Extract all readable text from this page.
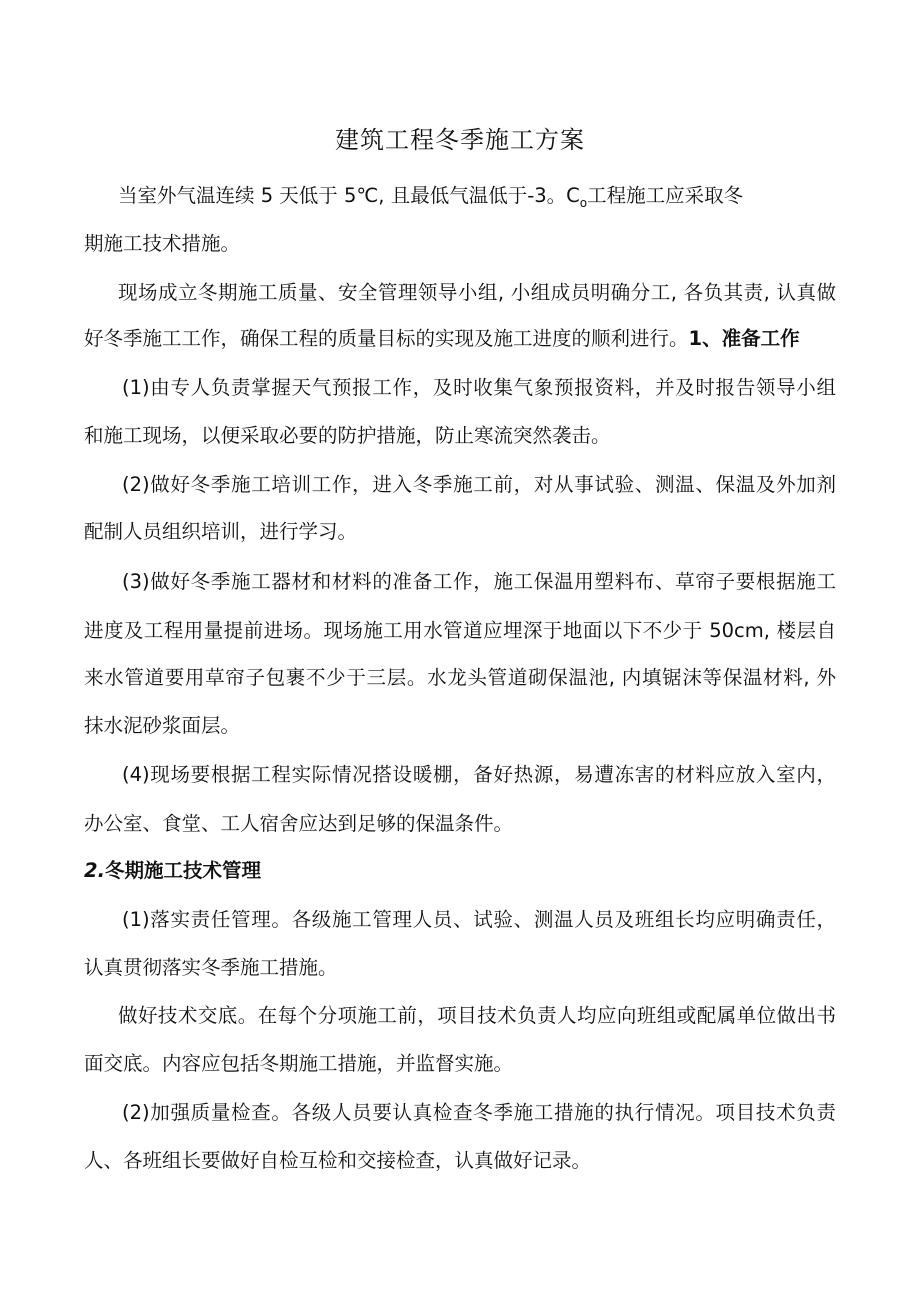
建筑工程冬季施工方案
当室外气温连续 5 天低于 5℃, 且最低气温低于-3。$C_o$工程施工应采取冬
期施工技术措施。
现场成立冬期施工质量、安全管理领导小组, 小组成员明确分工, 各负其责, 认真做
好冬季施工工作，确保工程的质量目标的实现及施工进度的顺利进行。1、准备工作
(1)由专人负责掌握天气预报工作，及时收集气象预报资料，并及时报告领导小组
和施工现场，以便采取必要的防护措施，防止寒流突然袭击。
(2)做好冬季施工培训工作，进入冬季施工前，对从事试验、测温、保温及外加剂
配制人员组织培训，进行学习。
(3)做好冬季施工器材和材料的准备工作，施工保温用塑料布、草帘子要根据施工
进度及工程用量提前进场。现场施工用水管道应埋深于地面以下不少于 50cm, 楼层自
来水管道要用草帘子包裹不少于三层。水龙头管道砌保温池, 内填锯沫等保温材料, 外
抹水泥砂浆面层。
(4)现场要根据工程实际情况搭设暖棚，备好热源，易遭冻害的材料应放入室内，
办公室、食堂、工人宿舍应达到足够的保温条件。
2.冬期施工技术管理
(1)落实责任管理。各级施工管理人员、试验、测温人员及班组长均应明确责任，
认真贯彻落实冬季施工措施。
做好技术交底。在每个分项施工前，项目技术负责人均应向班组或配属单位做出书
面交底。内容应包括冬期施工措施，并监督实施。
(2)加强质量检查。各级人员要认真检查冬季施工措施的执行情况。项目技术负责
人、各班组长要做好自检互检和交接检查，认真做好记录。
